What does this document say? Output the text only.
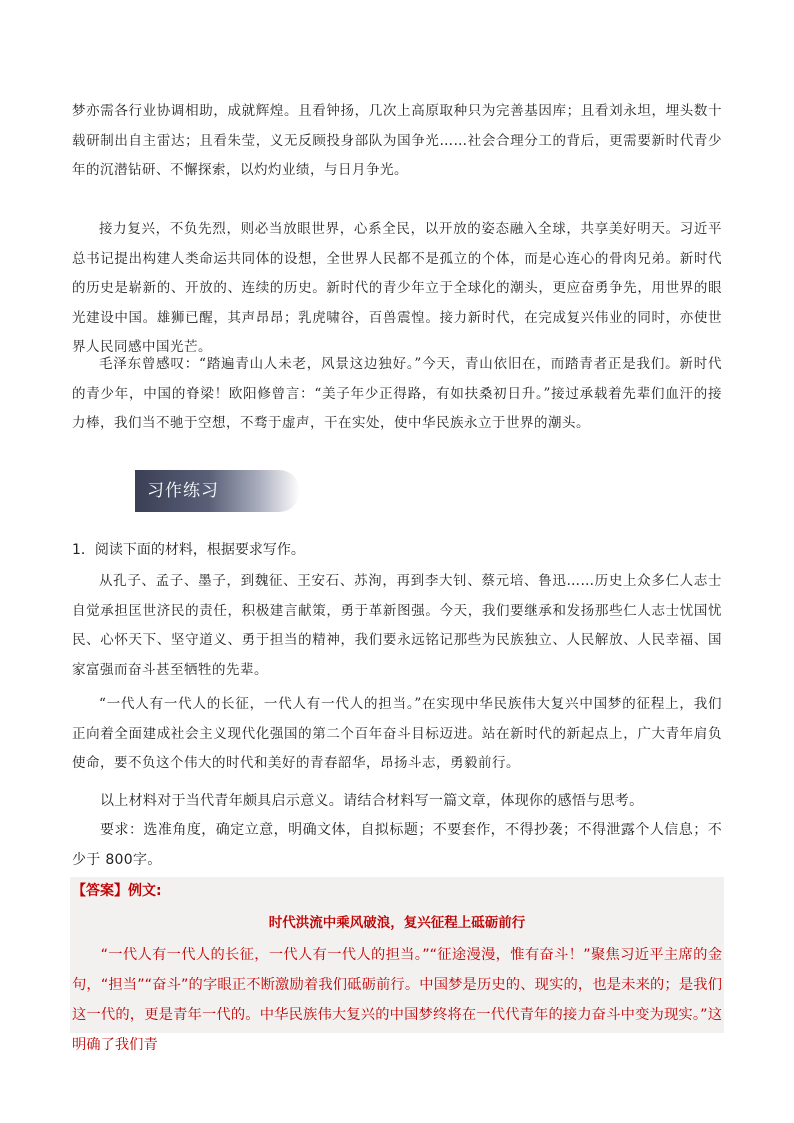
梦亦需各行业协调相助，成就辉煌。且看钟扬，几次上高原取种只为完善基因库；且看刘永坦，埋头数十载研制出自主雷达；且看朱莹，义无反顾投身部队为国争光……社会合理分工的背后，更需要新时代青少年的沉潜钻研、不懈探索，以灼灼业绩，与日月争光。

接力复兴，不负先烈，则必当放眼世界，心系全民，以开放的姿态融入全球，共享美好明天。习近平总书记提出构建人类命运共同体的设想，全世界人民都不是孤立的个体，而是心连心的骨肉兄弟。新时代的历史是崭新的、开放的、连续的历史。新时代的青少年立于全球化的潮头，更应奋勇争先，用世界的眼光建设中国。雄狮已醒，其声昂昂；乳虎啸谷，百兽震惶。接力新时代，在完成复兴伟业的同时，亦使世界人民同感中国光芒。

毛泽东曾感叹：“踏遍青山人未老，风景这边独好。”今天，青山依旧在，而踏青者正是我们。新时代的青少年，中国的脊梁！欧阳修曾言：“美子年少正得路，有如扶桑初日升。”接过承载着先辈们血汗的接力棒，我们当不驰于空想，不骛于虚声，干在实处，使中华民族永立于世界的潮头。

习作练习
1．阅读下面的材料，根据要求写作。

从孔子、孟子、墨子，到魏征、王安石、苏洵，再到李大钊、蔡元培、鲁迅……历史上众多仁人志士自觉承担匡世济民的责任，积极建言献策，勇于革新图强。今天，我们要继承和发扬那些仁人志士忧国忧民、心怀天下、坚守道义、勇于担当的精神，我们要永远铭记那些为民族独立、人民解放、人民幸福、国家富强而奋斗甚至牺牲的先辈。

“一代人有一代人的长征，一代人有一代人的担当。”在实现中华民族伟大复兴中国梦的征程上，我们正向着全面建成社会主义现代化强国的第二个百年奋斗目标迈进。站在新时代的新起点上，广大青年肩负使命，要不负这个伟大的时代和美好的青春韶华，昂扬斗志，勇毅前行。

以上材料对于当代青年颇具启示意义。请结合材料写一篇文章，体现你的感悟与思考。

要求：选准角度，确定立意，明确文体，自拟标题；不要套作，不得抄袭；不得泄露个人信息；不少于 800字。

【答案】例文:
时代洪流中乘风破浪，复兴征程上砥砺前行

“一代人有一代人的长征，一代人有一代人的担当。”“征途漫漫，惟有奋斗！”聚焦习近平主席的金句，“担当”“奋斗”的字眼正不断激励着我们砥砺前行。中国梦是历史的、现实的，也是未来的；是我们这一代的，更是青年一代的。中华民族伟大复兴的中国梦终将在一代代青年的接力奋斗中变为现实。”这明确了我们青
